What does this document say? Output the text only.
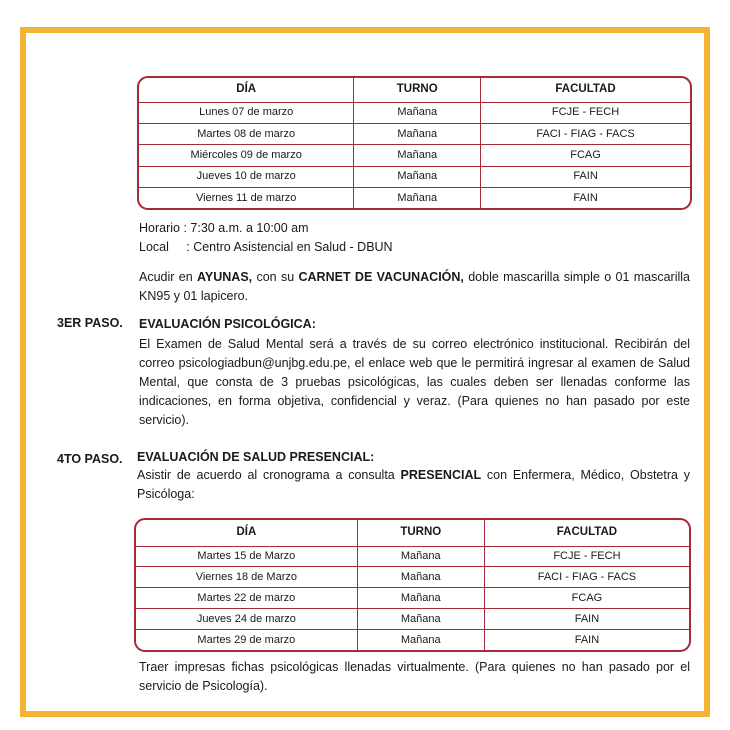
DÍA	TURNO	FACULTAD
Lunes 07 de marzo	Mañana	FCJE - FECH
Martes 08 de marzo	Mañana	FACI - FIAG - FACS
Miércoles 09 de marzo	Mañana	FCAG
Jueves 10 de marzo	Mañana	FAIN
Viernes 11 de marzo	Mañana	FAIN
Horario : 7:30 a.m. a 10:00 am
Local     : Centro Asistencial en Salud - DBUN
Acudir en AYUNAS, con su CARNET DE VACUNACIÓN, doble mascarilla simple o 01 mascarilla KN95 y 01 lapicero.
3ER PASO. EVALUACIÓN PSICOLÓGICA:
El Examen de Salud Mental será a través de su correo electrónico institucional. Recibirán del correo psicologiadbun@unjbg.edu.pe, el enlace web que le permitirá ingresar al examen de Salud Mental, que consta de 3 pruebas psicológicas, las cuales deben ser llenadas conforme las indicaciones, en forma objetiva, confidencial y veraz. (Para quienes no han pasado por este servicio).
4TO PASO. EVALUACIÓN DE SALUD PRESENCIAL:
Asistir de acuerdo al cronograma a consulta PRESENCIAL con Enfermera, Médico, Obstetra y Psicóloga:
DÍA	TURNO	FACULTAD
Martes 15 de Marzo	Mañana	FCJE - FECH
Viernes 18 de Marzo	Mañana	FACI - FIAG - FACS
Martes 22 de marzo	Mañana	FCAG
Jueves 24 de marzo	Mañana	FAIN
Martes 29 de marzo	Mañana	FAIN
Traer impresas fichas psicológicas llenadas virtualmente. (Para quienes no han pasado por el servicio de Psicología).
